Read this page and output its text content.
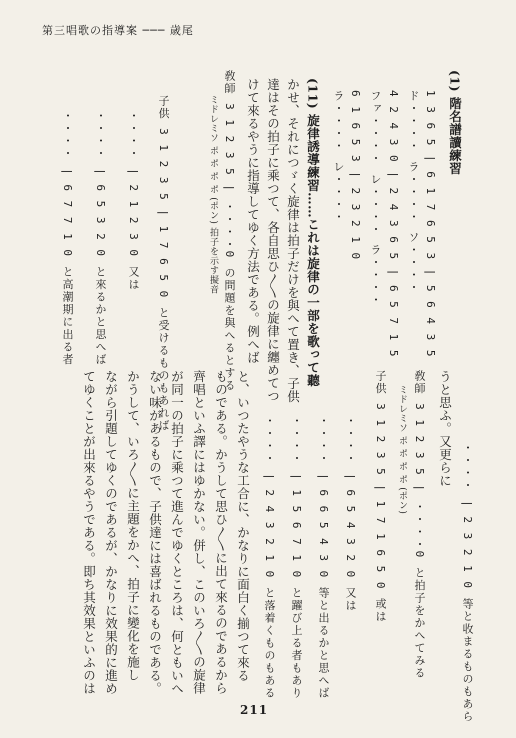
第三唱歌の指導案 ─── 歳尾
(1) 階名譜讀練習
1 3 6 5 | 6 1 7 6 5 3 | 5 6 4 3 5
ド・・・・ ラ・・・・ ソ・・・・
4 2 4 3 0 | 2 4 3 6 5 | 6 5 7 1 5
ファ・・・・ レ・・・・ ラ・・・・
6 1 6 5 3 | 2 3 2 1 0
ラ・・・・ レ・・・・
(11) 旋律誘導練習……これは旋律の一部を歌って聽
かせ、それにつゞく旋律は拍子だけを與へて置き、子供
達はその拍子に乘つて、各自思ひ〳〵の旋律に纏めてつ
けて來るやうに指導してゆく方法である。例へば
敎師 3 1 2 3 5 | ・・・・0 の問題を與へるとする
ミドレミソ ポ ポ ポ ポ (ポン) 拍子を示す擬音
子供 3 1 2 3 5 | 1 7 6 5 0 と受けるものもあれば
・・・・ | 2 1 2 3 0 又は
・・・・ | 6 5 3 2 0 と來るかと思へば
・・・・ | 6 7 7 1 0 と高潮期に出る者
・・・・ | 2 3 2 1 0 等と收まるものもあら
うと思ふ。又更らに
敎師 3 1 2 3 5 | ・・・・0 と拍子をかへてみる
ミドレミソ ポ ポ ポ ポ (ポン)
子供 3 1 2 3 5 | 1 7 1 6 5 0 或は
・・・・ | 6 5 4 3 2 0 又は
・・・・ | 6 6 5 4 3 0 等と出るかと思へば
・・・・ | 1 5 6 7 1 0 と躍び上る者もあり
・・・・ | 2 4 3 2 1 0 と落着くものもある
と、いつたやうな工合に、かなりに面白く揃つて來る
ものである。かうして思ひ〳〵に出て來るのであるから
齊唱といふ譯にはゆかない。併し、このいろ〳〵の旋律
が同一の拍子に乘つて進んでゆくところは、何ともいへ
ない味があるもので、子供達には喜ばれるものである。
かうして、いろ〳〵に主題をかへ、拍子に變化を施し
ながら引題してゆくのであるが、かなりに效果的に進め
てゆくことが出來るやうである。即ち其效果といふのは
211
